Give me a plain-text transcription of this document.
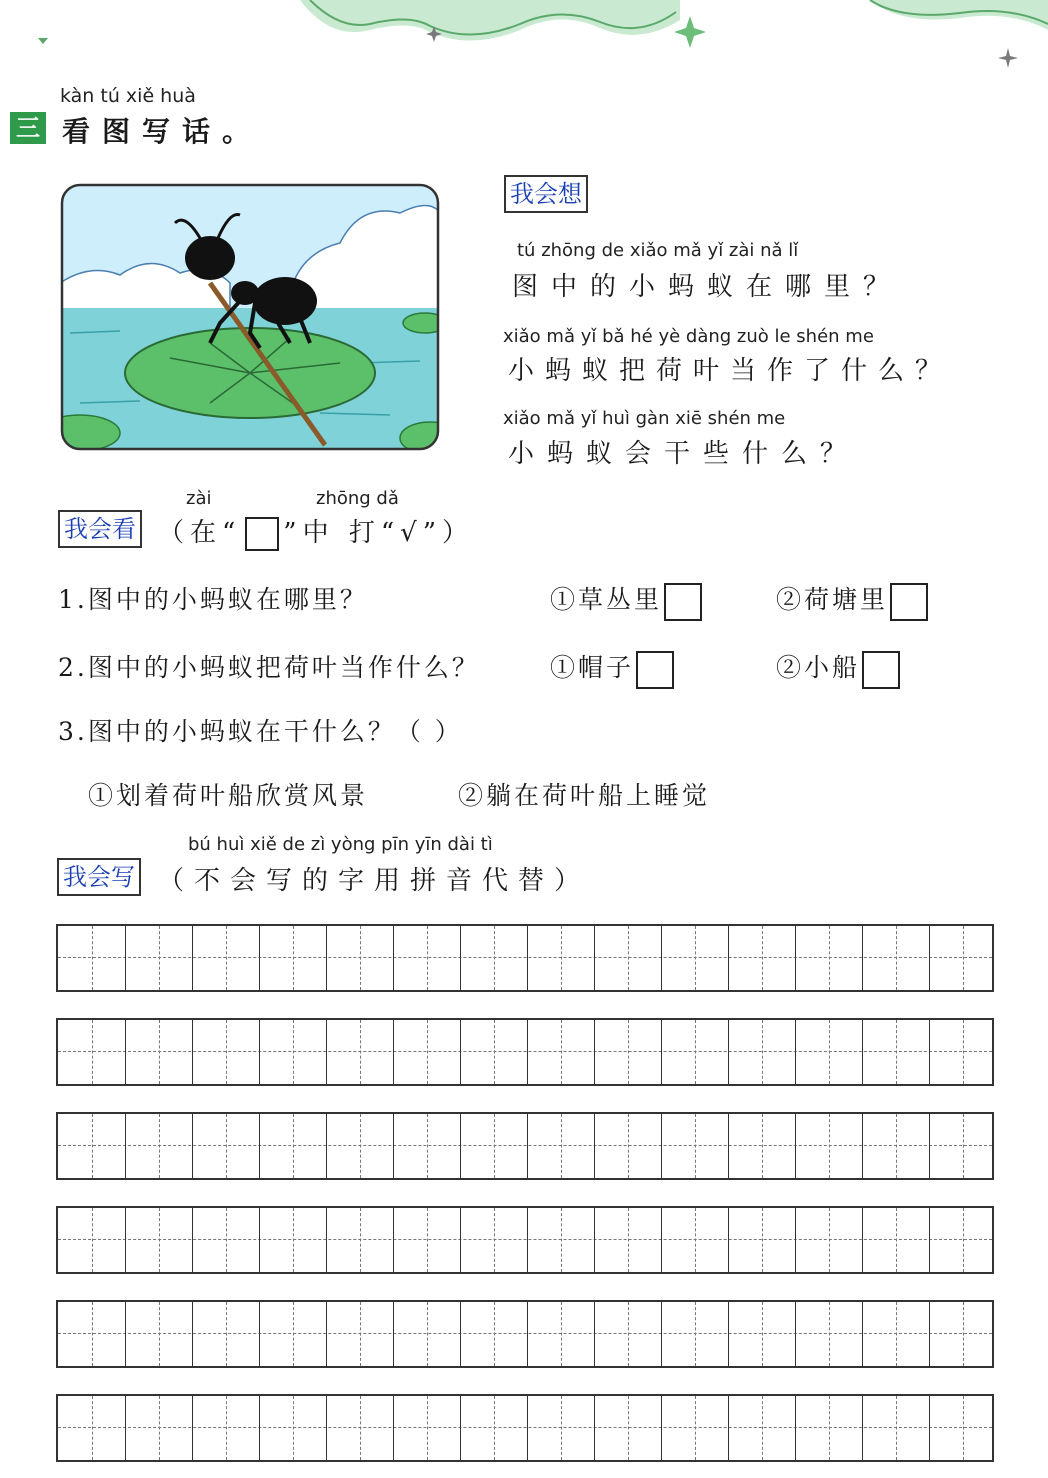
三
kàn tú xiě huà
看图写话。
我会想
tú zhōng de xiǎo mǎ yǐ zài nǎ lǐ
图中的小蚂蚁在哪里？
xiǎo mǎ yǐ bǎ hé yè dàng zuò le shén me
小蚂蚁把荷叶当作了什么？
xiǎo mǎ yǐ huì gàn xiē shén me
小蚂蚁会干些什么？
zài	zhōng dǎ
我会看 （在“ ”中 打“√”）
1.图中的小蚂蚁在哪里？	①草丛里	②荷塘里
2.图中的小蚂蚁把荷叶当作什么？	①帽子	②小船
3.图中的小蚂蚁在干什么？（ ）
①划着荷叶船欣赏风景	②躺在荷叶船上睡觉
bú huì xiě de zì yòng pīn yīn dài tì
我会写 （不会写的字用拼音代替）
